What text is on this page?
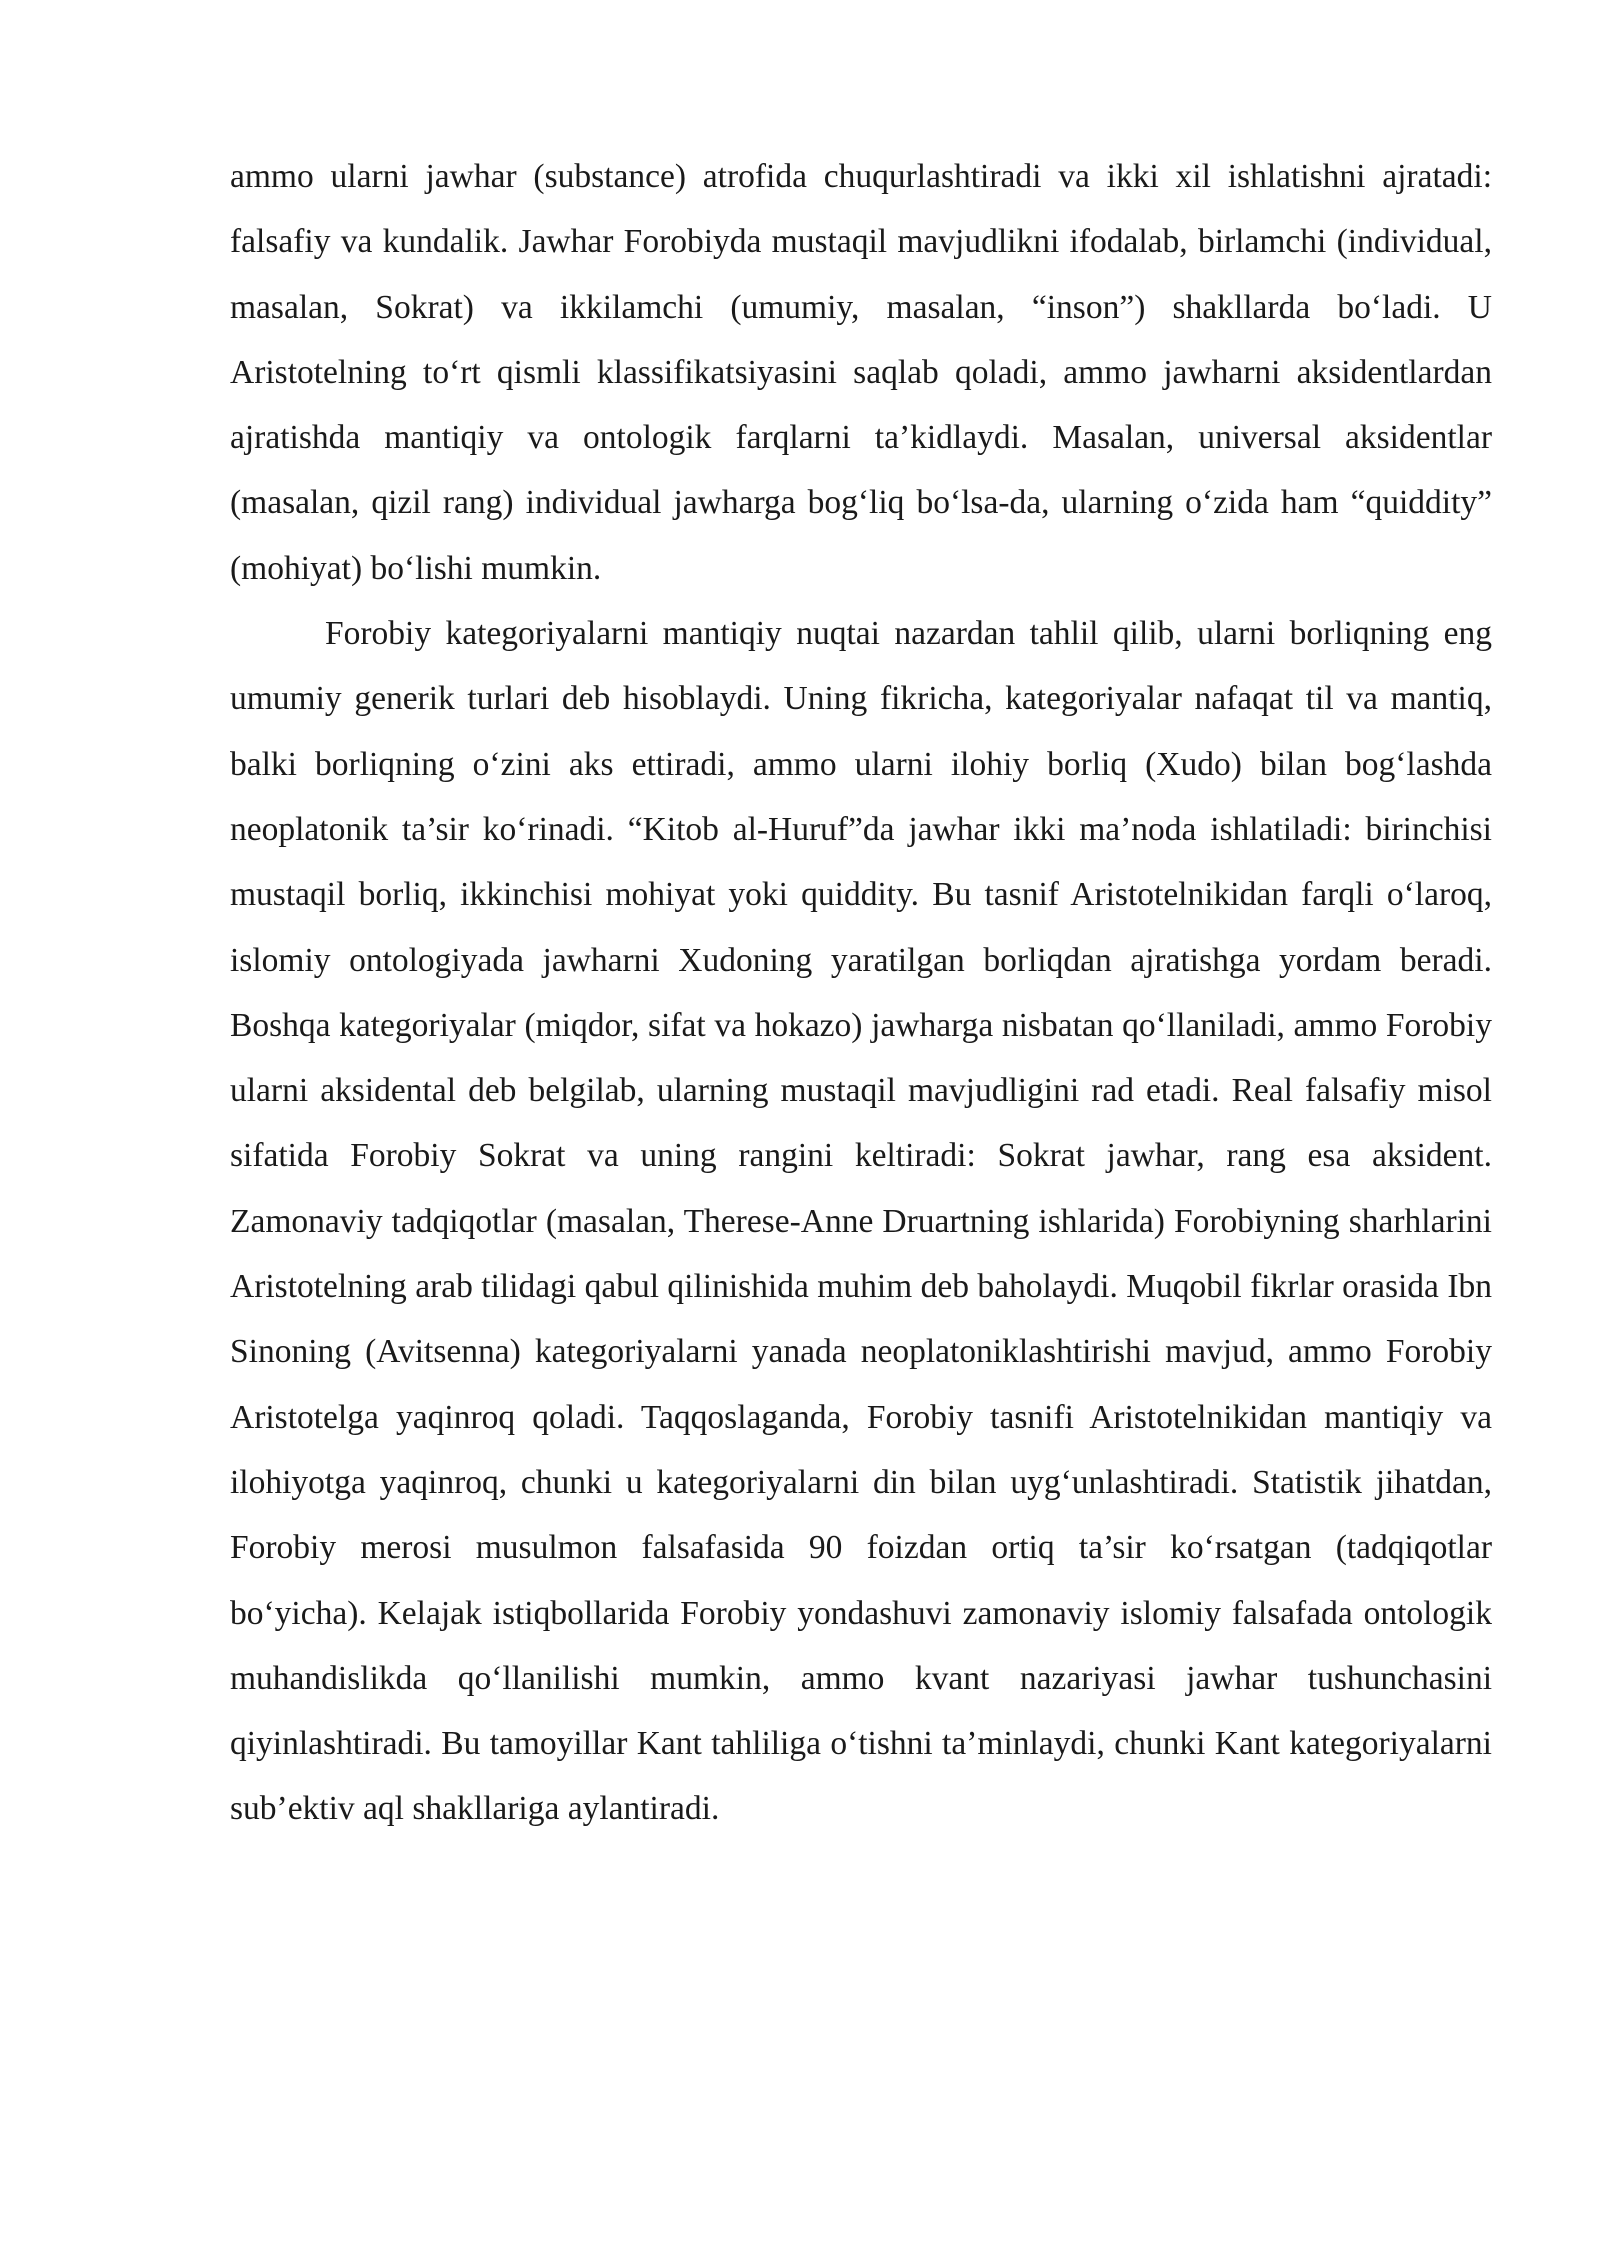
ammo ularni jawhar (substance) atrofida chuqurlashtiradi va ikki xil ishlatishni ajratadi: falsafiy va kundalik. Jawhar Forobiyda mustaqil mavjudlikni ifodalab, birlamchi (individual, masalan, Sokrat) va ikkilamchi (umumiy, masalan, “inson”) shakllarda bo‘ladi. U Aristotelning to‘rt qismli klassifikatsiyasini saqlab qoladi, ammo jawharni aksidentlardan ajratishda mantiqiy va ontologik farqlarni ta’kidlaydi. Masalan, universal aksidentlar (masalan, qizil rang) individual jawharga bog‘liq bo‘lsa-da, ularning o‘zida ham “quiddity” (mohiyat) bo‘lishi mumkin.

Forobiy kategoriyalarni mantiqiy nuqtai nazardan tahlil qilib, ularni borliqning eng umumiy generik turlari deb hisoblaydi. Uning fikricha, kategoriyalar nafaqat til va mantiq, balki borliqning o‘zini aks ettiradi, ammo ularni ilohiy borliq (Xudo) bilan bog‘lashda neoplatonik ta’sir ko‘rinadi. “Kitob al-Huruf”da jawhar ikki ma’noda ishlatiladi: birinchisi mustaqil borliq, ikkinchisi mohiyat yoki quiddity. Bu tasnif Aristotelnikidan farqli o‘laroq, islomiy ontologiyada jawharni Xudoning yaratilgan borliqdan ajratishga yordam beradi. Boshqa kategoriyalar (miqdor, sifat va hokazo) jawharga nisbatan qo‘llaniladi, ammo Forobiy ularni aksidental deb belgilab, ularning mustaqil mavjudligini rad etadi. Real falsafiy misol sifatida Forobiy Sokrat va uning rangini keltiradi: Sokrat jawhar, rang esa aksident. Zamonaviy tadqiqotlar (masalan, Therese-Anne Druartning ishlarida) Forobiyning sharhlarini Aristotelning arab tilidagi qabul qilinishida muhim deb baholaydi. Muqobil fikrlar orasida Ibn Sinoning (Avitsenna) kategoriyalarni yanada neoplatoniklashtirishi mavjud, ammo Forobiy Aristotelga yaqinroq qoladi. Taqqoslaganda, Forobiy tasnifi Aristotelnikidan mantiqiy va ilohiyotga yaqinroq, chunki u kategoriyalarni din bilan uyg‘unlashtiradi. Statistik jihatdan, Forobiy merosi musulmon falsafasida 90 foizdan ortiq ta’sir ko‘rsatgan (tadqiqotlar bo‘yicha). Kelajak istiqbollarida Forobiy yondashuvi zamonaviy islomiy falsafada ontologik muhandislikda qo‘llanilishi mumkin, ammo kvant nazariyasi jawhar tushunchasini qiyinlashtiradi. Bu tamoyillar Kant tahliliga o‘tishni ta’minlaydi, chunki Kant kategoriyalarni sub’ektiv aql shakllariga aylantiradi.
